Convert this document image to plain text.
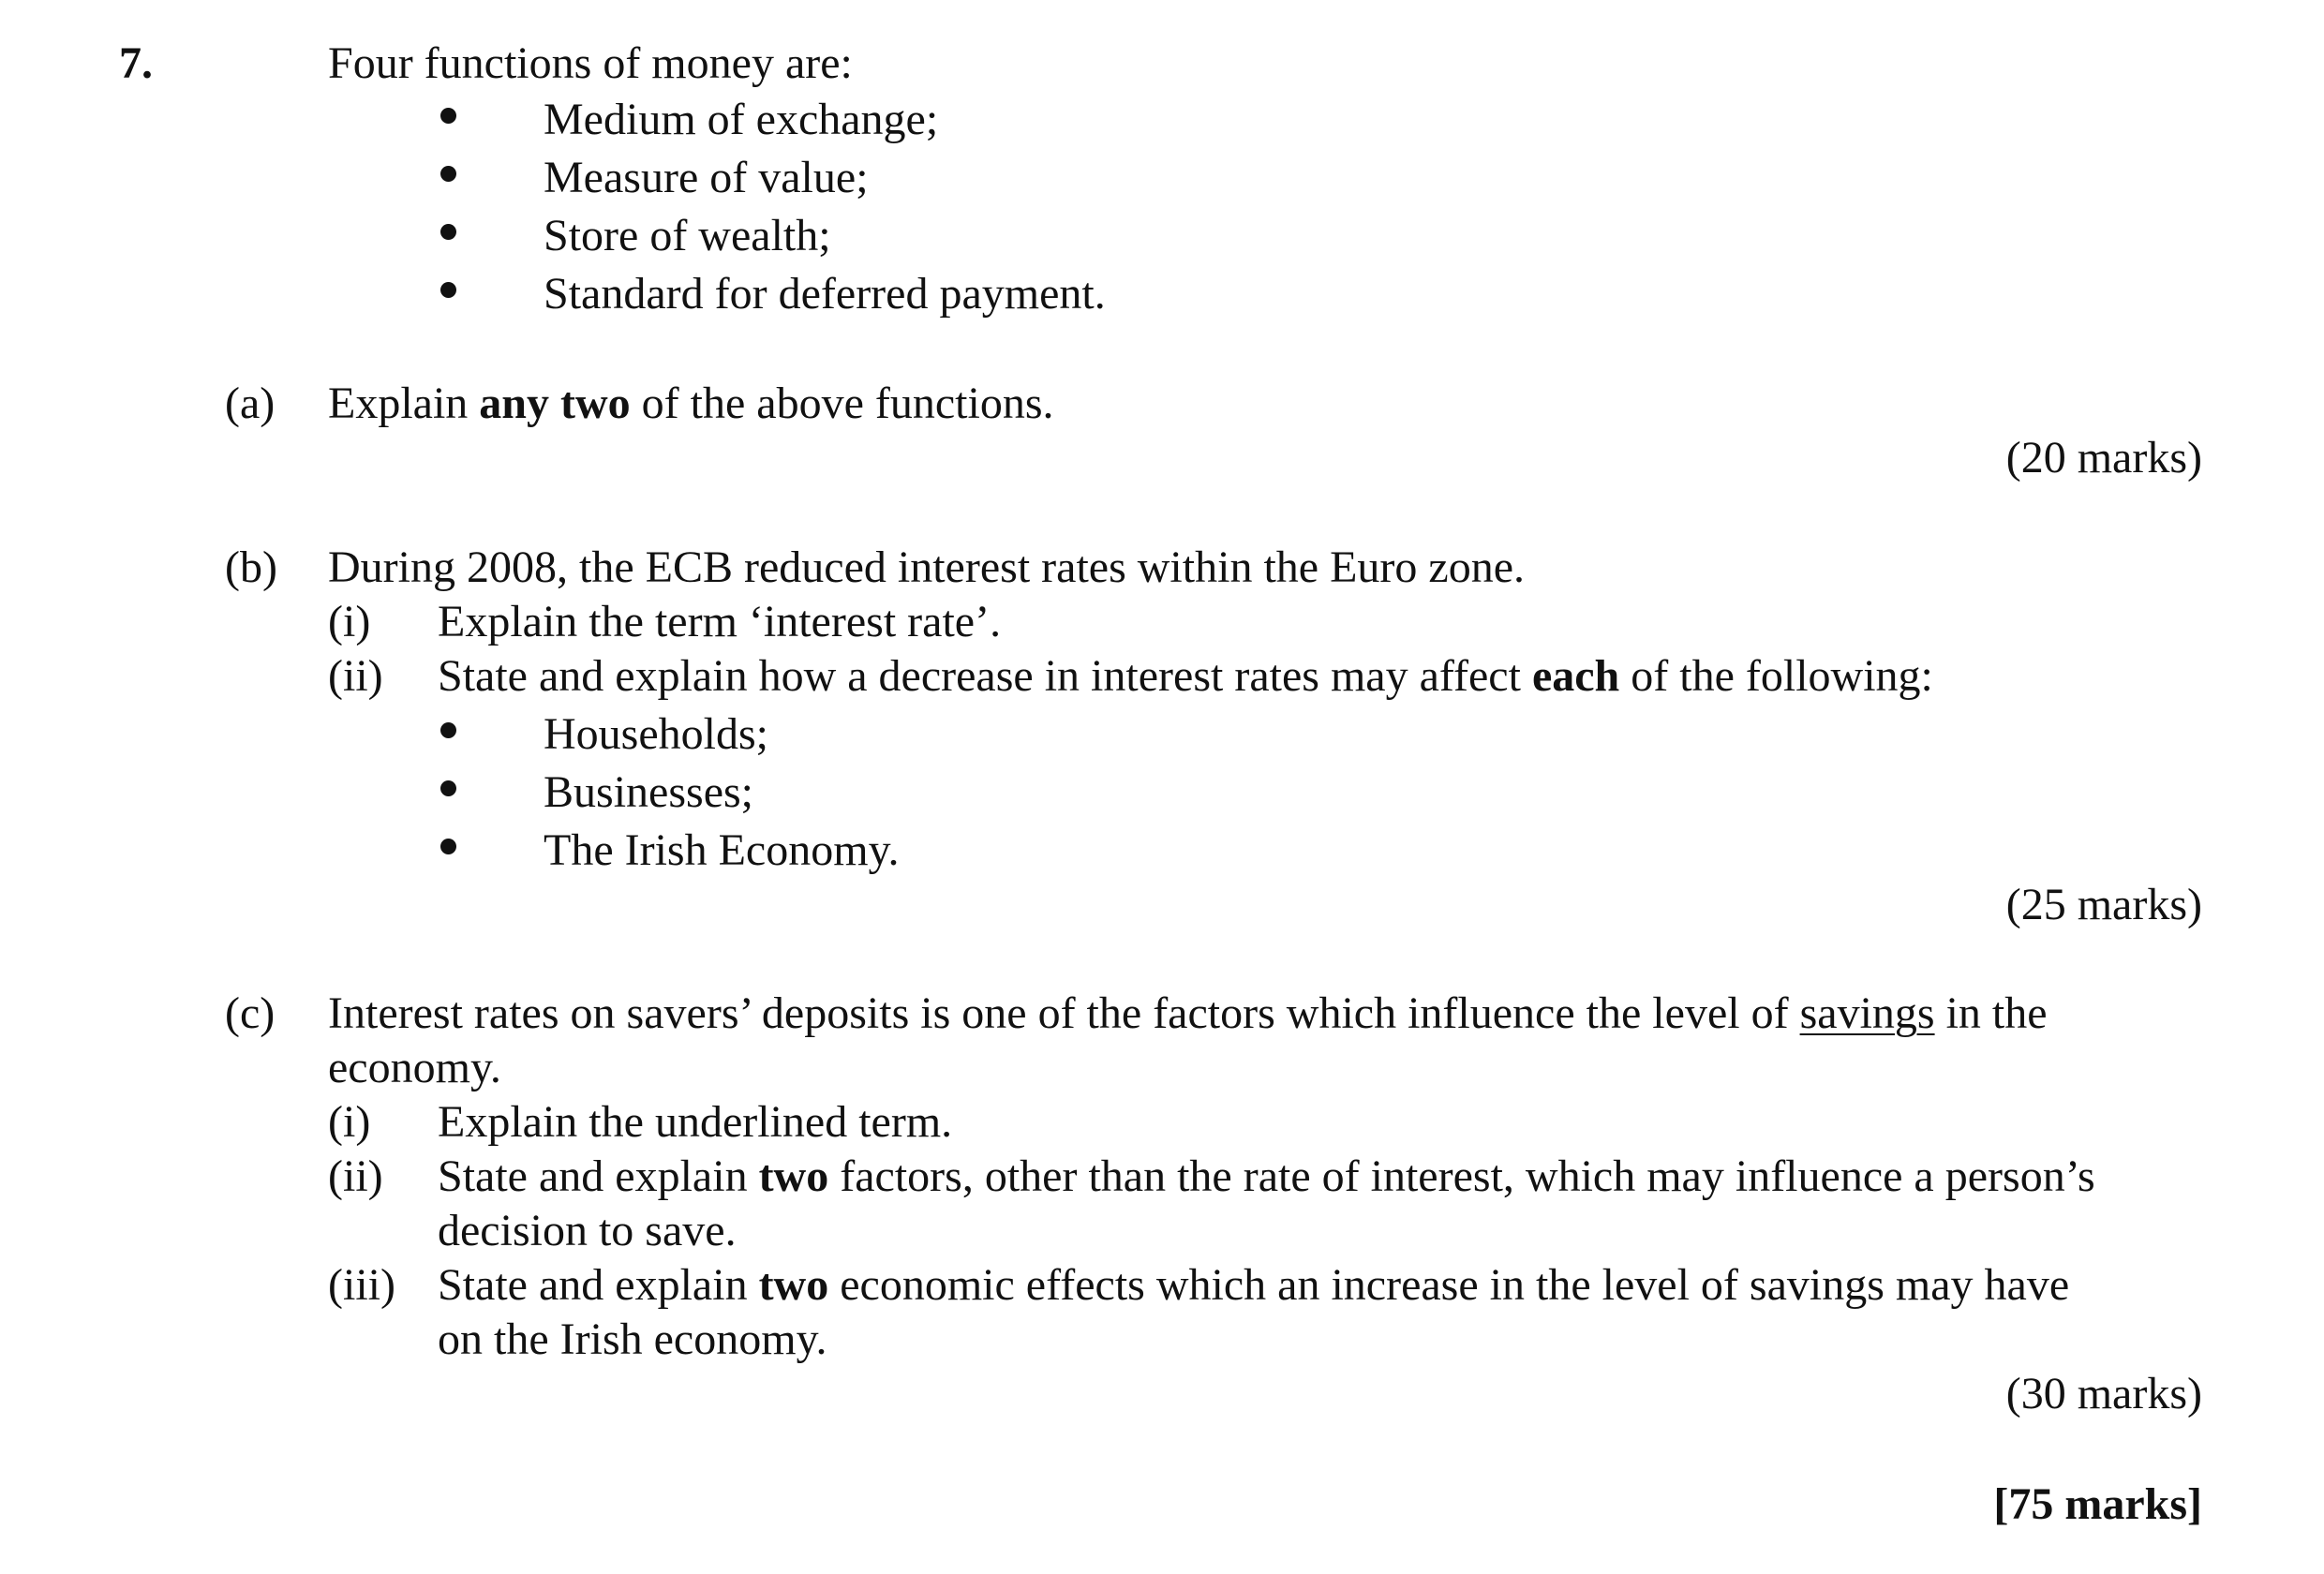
7.	Four functions of money are:
Medium of exchange;
Measure of value;
Store of wealth;
Standard for deferred payment.
(a) Explain any two of the above functions.
(20 marks)
(b) During 2008, the ECB reduced interest rates within the Euro zone.
(i) Explain the term ‘interest rate’.
(ii) State and explain how a decrease in interest rates may affect each of the following:
Households;
Businesses;
The Irish Economy.
(25 marks)
(c) Interest rates on savers’ deposits is one of the factors which influence the level of savings in the
economy.
(i) Explain the underlined term.
(ii) State and explain two factors, other than the rate of interest, which may influence a person’s
decision to save.
(iii) State and explain two economic effects which an increase in the level of savings may have
on the Irish economy.
(30 marks)
[75 marks]
